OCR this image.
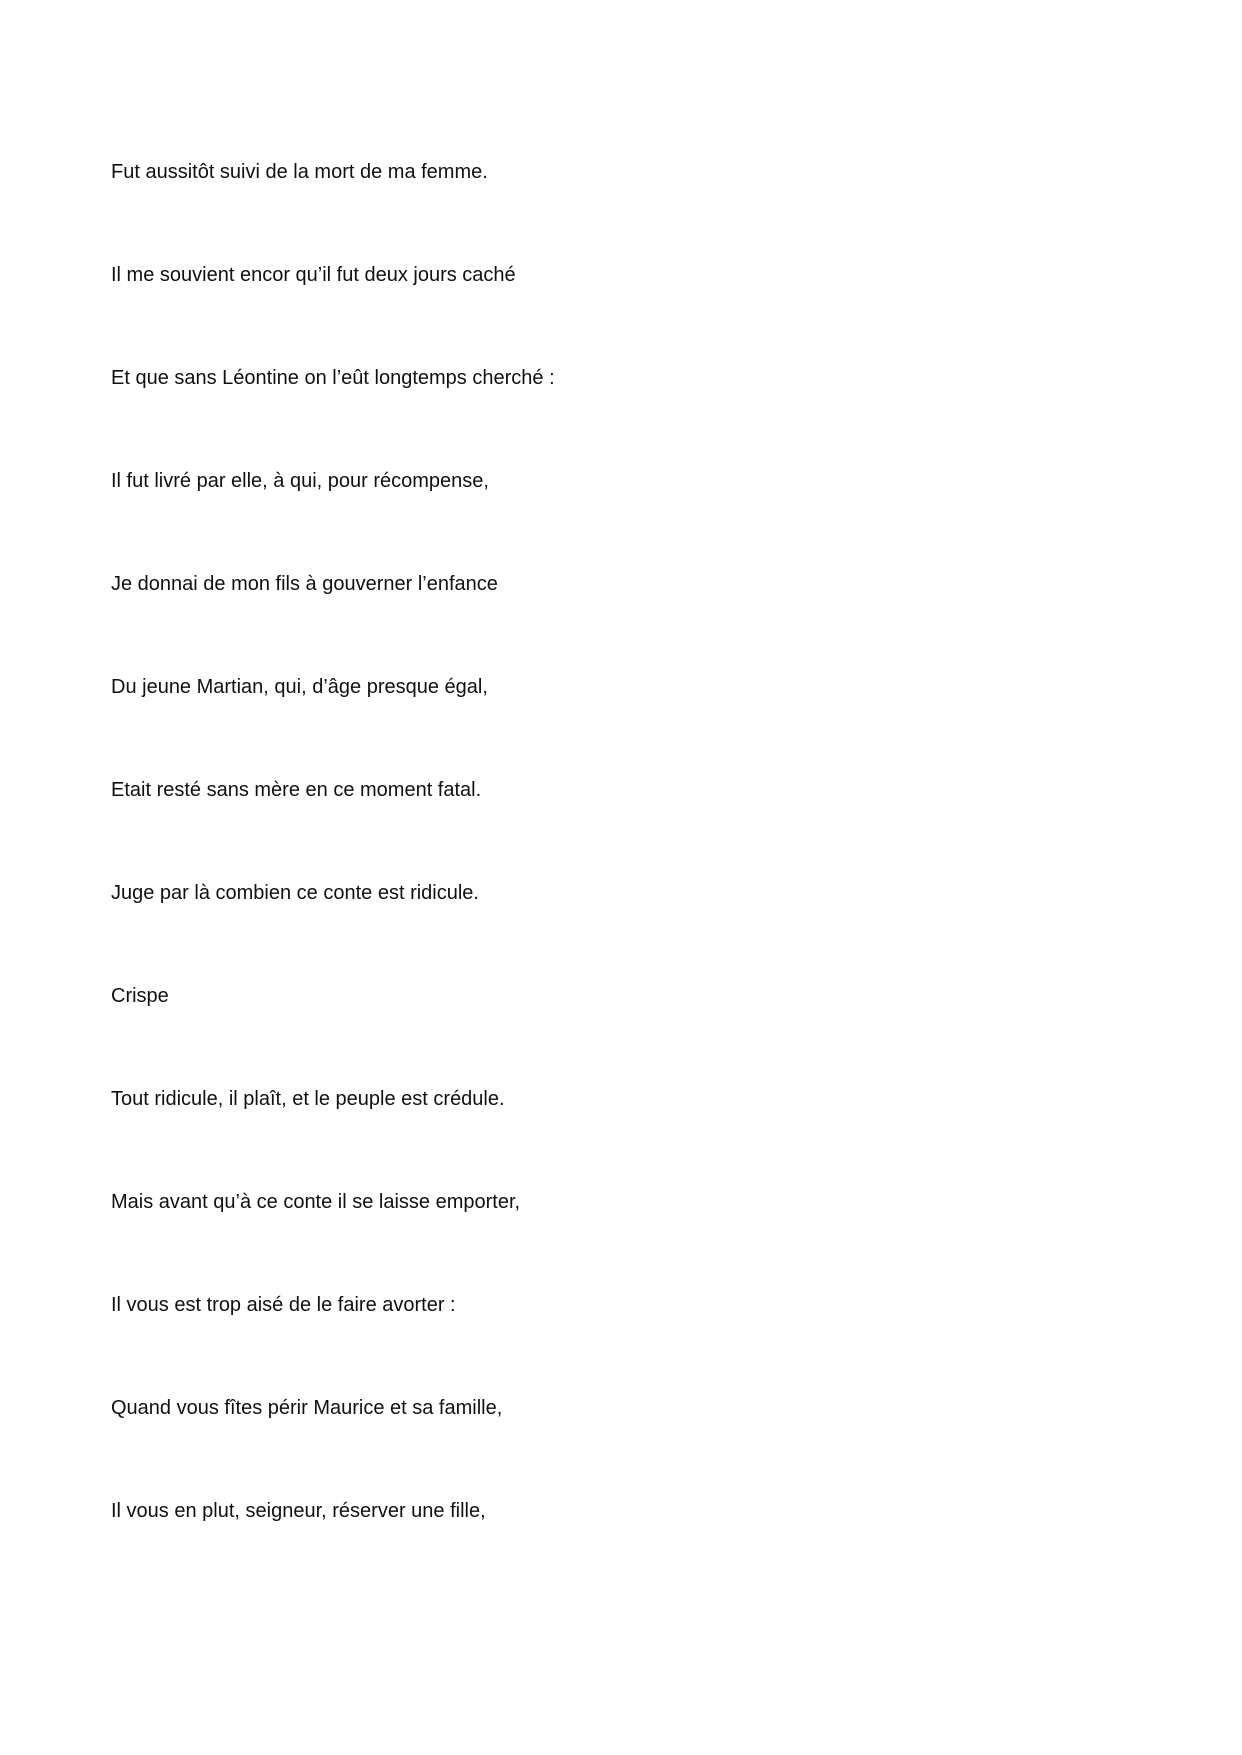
Fut aussitôt suivi de la mort de ma femme.
Il me souvient encor qu’il fut deux jours caché
Et que sans Léontine on l’eût longtemps cherché :
Il fut livré par elle, à qui, pour récompense,
Je donnai de mon fils à gouverner l’enfance
Du jeune Martian, qui, d’âge presque égal,
Etait resté sans mère en ce moment fatal.
Juge par là combien ce conte est ridicule.
Crispe
Tout ridicule, il plaît, et le peuple est crédule.
Mais avant qu’à ce conte il se laisse emporter,
Il vous est trop aisé de le faire avorter :
Quand vous fîtes périr Maurice et sa famille,
Il vous en plut, seigneur, réserver une fille,
